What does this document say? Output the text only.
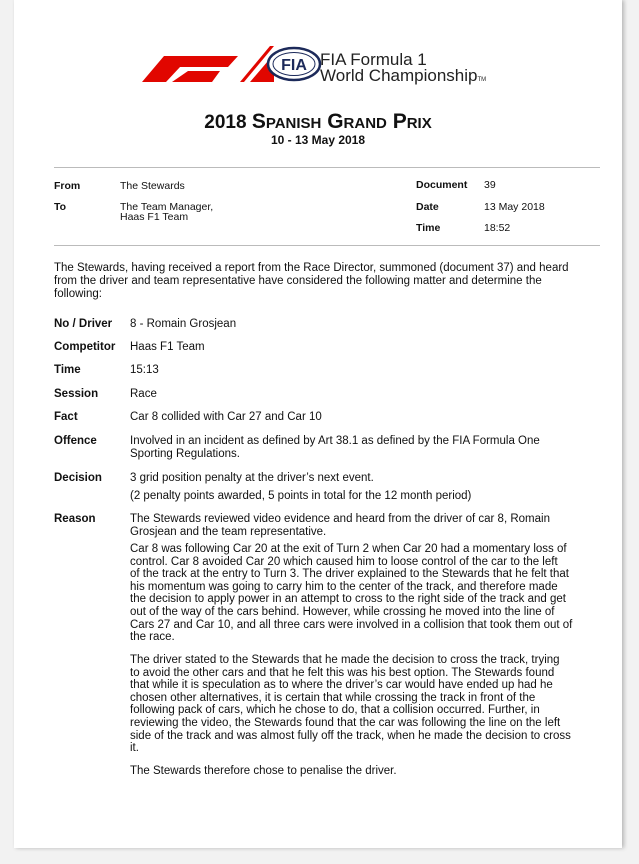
FIA FIA Formula 1
World ChampionshipTM
2018 Spanish Grand Prix
10 - 13 May 2018
From	The Stewards
To	The Team Manager,
Haas F1 Team
Document 39
Date	13 May 2018
Time	18:52
The Stewards, having received a report from the Race Director, summoned (document 37) and heard
from the driver and team representative have considered the following matter and determine the
following:
No / Driver 8 - Romain Grosjean
Competitor Haas F1 Team
Time	15:13
Session	Race
Fact	Car 8 collided with Car 27 and Car 10
Offence	Involved in an incident as defined by Art 38.1 as defined by the FIA Formula One
Sporting Regulations.
Decision 3 grid position penalty at the driver’s next event.
(2 penalty points awarded, 5 points in total for the 12 month period)
Reason	The Stewards reviewed video evidence and heard from the driver of car 8, Romain
Grosjean and the team representative.
Car 8 was following Car 20 at the exit of Turn 2 when Car 20 had a momentary loss of
control. Car 8 avoided Car 20 which caused him to loose control of the car to the left
of the track at the entry to Turn 3. The driver explained to the Stewards that he felt that
his momentum was going to carry him to the center of the track, and therefore made
the decision to apply power in an attempt to cross to the right side of the track and get
out of the way of the cars behind. However, while crossing he moved into the line of
Cars 27 and Car 10, and all three cars were involved in a collision that took them out of
the race.
The driver stated to the Stewards that he made the decision to cross the track, trying
to avoid the other cars and that he felt this was his best option. The Stewards found
that while it is speculation as to where the driver’s car would have ended up had he
chosen other alternatives, it is certain that while crossing the track in front of the
following pack of cars, which he chose to do, that a collision occurred. Further, in
reviewing the video, the Stewards found that the car was following the line on the left
side of the track and was almost fully off the track, when he made the decision to cross
it.
The Stewards therefore chose to penalise the driver.
